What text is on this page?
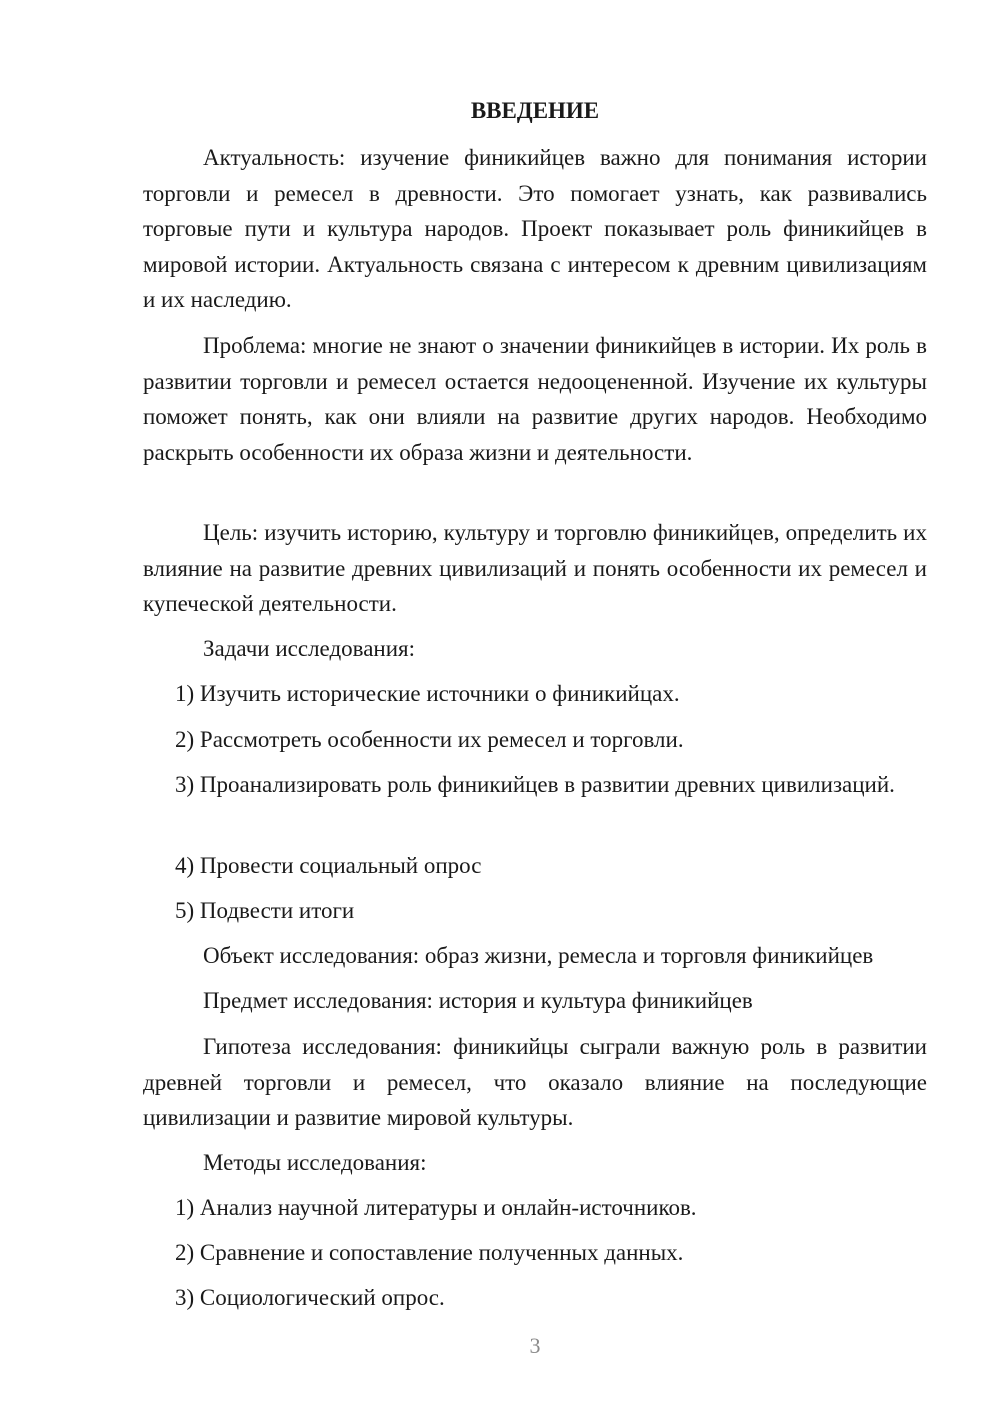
ВВЕДЕНИЕ

Актуальность: изучение финикийцев важно для понимания истории торговли и ремесел в древности. Это помогает узнать, как развивались торговые пути и культура народов. Проект показывает роль финикийцев в мировой истории. Актуальность связана с интересом к древним цивилизациям и их наследию.

Проблема: многие не знают о значении финикийцев в истории. Их роль в развитии торговли и ремесел остается недооцененной. Изучение их культуры поможет понять, как они влияли на развитие других народов. Необходимо раскрыть особенности их образа жизни и деятельности.

Цель: изучить историю, культуру и торговлю финикийцев, определить их влияние на развитие древних цивилизаций и понять особенности их ремесел и купеческой деятельности.

Задачи исследования:

1) Изучить исторические источники о финикийцах.

2) Рассмотреть особенности их ремесел и торговли.

3) Проанализировать роль финикийцев в развитии древних цивилизаций.

4) Провести социальный опрос

5) Подвести итоги

Объект исследования: образ жизни, ремесла и торговля финикийцев

Предмет исследования: история и культура финикийцев

Гипотеза исследования: финикийцы сыграли важную роль в развитии древней торговли и ремесел, что оказало влияние на последующие цивилизации и развитие мировой культуры.

Методы исследования:

1) Анализ научной литературы и онлайн-источников.

2) Сравнение и сопоставление полученных данных.

3) Социологический опрос.

3
